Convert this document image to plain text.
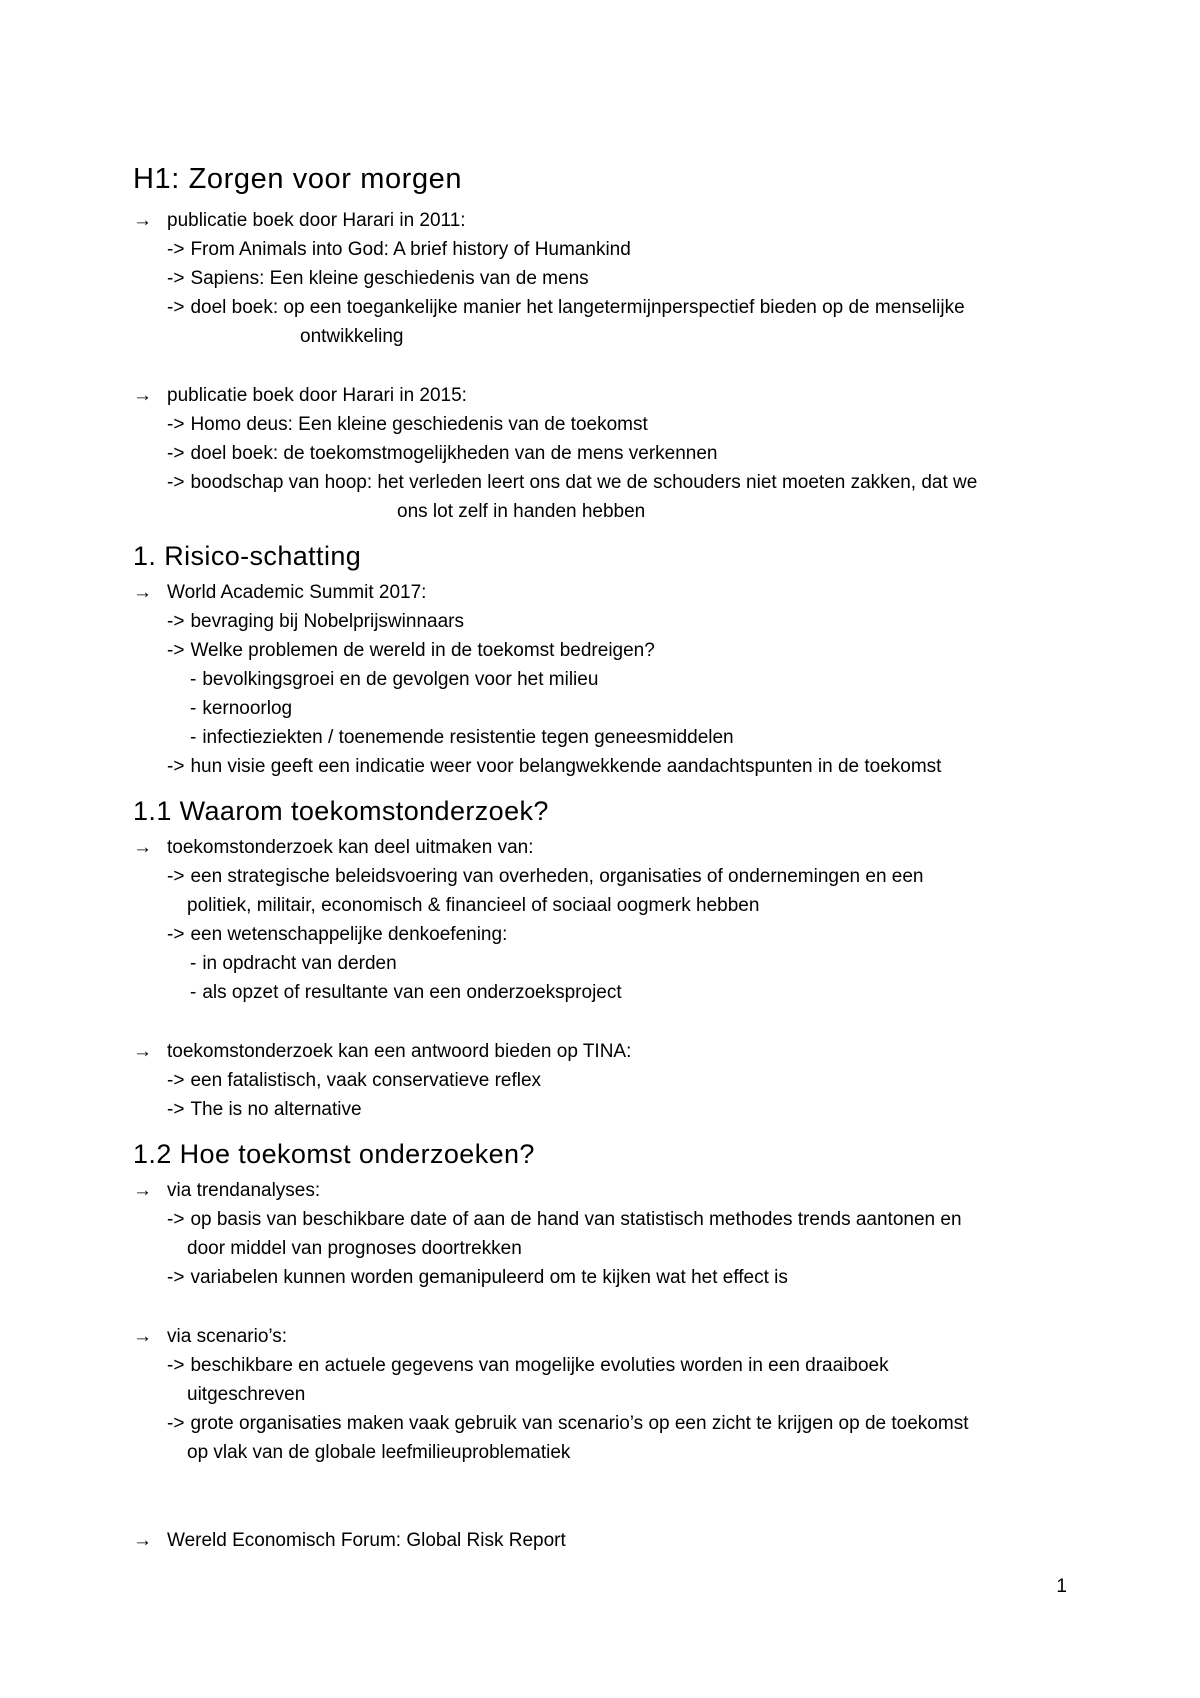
H1: Zorgen voor morgen
→ publicatie boek door Harari in 2011:
-> From Animals into God: A brief history of Humankind
-> Sapiens: Een kleine geschiedenis van de mens
-> doel boek: op een toegankelijke manier het langetermijnperspectief bieden op de menselijke
ontwikkeling
→ publicatie boek door Harari in 2015:
-> Homo deus: Een kleine geschiedenis van de toekomst
-> doel boek: de toekomstmogelijkheden van de mens verkennen
-> boodschap van hoop: het verleden leert ons dat we de schouders niet moeten zakken, dat we
ons lot zelf in handen hebben
1. Risico-schatting
→ World Academic Summit 2017:
-> bevraging bij Nobelprijswinnaars
-> Welke problemen de wereld in de toekomst bedreigen?
- bevolkingsgroei en de gevolgen voor het milieu
- kernoorlog
- infectieziekten / toenemende resistentie tegen geneesmiddelen
-> hun visie geeft een indicatie weer voor belangwekkende aandachtspunten in de toekomst
1.1 Waarom toekomstonderzoek?
→ toekomstonderzoek kan deel uitmaken van:
-> een strategische beleidsvoering van overheden, organisaties of ondernemingen en een
politiek, militair, economisch & financieel of sociaal oogmerk hebben
-> een wetenschappelijke denkoefening:
- in opdracht van derden
- als opzet of resultante van een onderzoeksproject
→ toekomstonderzoek kan een antwoord bieden op TINA:
-> een fatalistisch, vaak conservatieve reflex
-> The is no alternative
1.2 Hoe toekomst onderzoeken?
→ via trendanalyses:
-> op basis van beschikbare date of aan de hand van statistisch methodes trends aantonen en
door middel van prognoses doortrekken
-> variabelen kunnen worden gemanipuleerd om te kijken wat het effect is
→ via scenario’s:
-> beschikbare en actuele gegevens van mogelijke evoluties worden in een draaiboek
uitgeschreven
-> grote organisaties maken vaak gebruik van scenario’s op een zicht te krijgen op de toekomst
op vlak van de globale leefmilieuproblematiek
→ Wereld Economisch Forum: Global Risk Report
1
